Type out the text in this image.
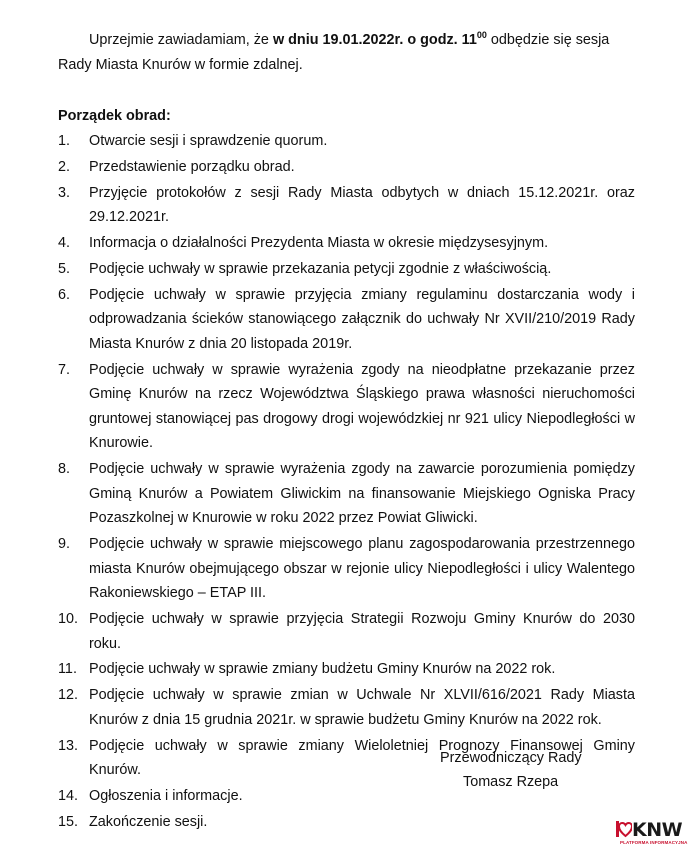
Uprzejmie zawiadamiam, że w dniu 19.01.2022r. o godz. $11^{00}$ odbędzie się sesja Rady Miasta Knurów w formie zdalnej.
Porządek obrad:
1.	Otwarcie sesji i sprawdzenie quorum.
2.	Przedstawienie porządku obrad.
3.	Przyjęcie protokołów z sesji Rady Miasta odbytych w dniach 15.12.2021r. oraz 29.12.2021r.
4.	Informacja o działalności Prezydenta Miasta w okresie międzysesyjnym.
5.	Podjęcie uchwały w sprawie przekazania petycji zgodnie z właściwością.
6.	Podjęcie uchwały w sprawie przyjęcia zmiany regulaminu dostarczania wody i odprowadzania ścieków stanowiącego załącznik do uchwały Nr XVII/210/2019 Rady Miasta Knurów z dnia 20 listopada 2019r.
7.	Podjęcie uchwały w sprawie wyrażenia zgody na nieodpłatne przekazanie przez Gminę Knurów na rzecz Województwa Śląskiego prawa własności nieruchomości gruntowej stanowiącej pas drogowy drogi wojewódzkiej nr 921 ulicy Niepodległości w Knurowie.
8.	Podjęcie uchwały w sprawie wyrażenia zgody na zawarcie porozumienia pomiędzy Gminą Knurów a Powiatem Gliwickim na finansowanie Miejskiego Ogniska Pracy Pozaszkolnej w Knurowie w roku 2022 przez Powiat Gliwicki.
9.	Podjęcie uchwały w sprawie miejscowego planu zagospodarowania przestrzennego miasta Knurów obejmującego obszar w rejonie ulicy Niepodległości i ulicy Walentego Rakoniewskiego – ETAP III.
10. Podjęcie uchwały w sprawie przyjęcia Strategii Rozwoju Gminy Knurów do 2030 roku.
11. Podjęcie uchwały w sprawie zmiany budżetu Gminy Knurów na 2022 rok.
12. Podjęcie uchwały w sprawie zmian w Uchwale Nr XLVII/616/2021 Rady Miasta Knurów z dnia 15 grudnia 2021r. w sprawie budżetu Gminy Knurów na 2022 rok.
13. Podjęcie uchwały w sprawie zmiany Wieloletniej Prognozy Finansowej Gminy Knurów.
14. Ogłoszenia i informacje.
15. Zakończenie sesji.
Przewodniczący Rady
Tomasz Rzepa
KNW
PLATFORMA INFORMACYJNA
